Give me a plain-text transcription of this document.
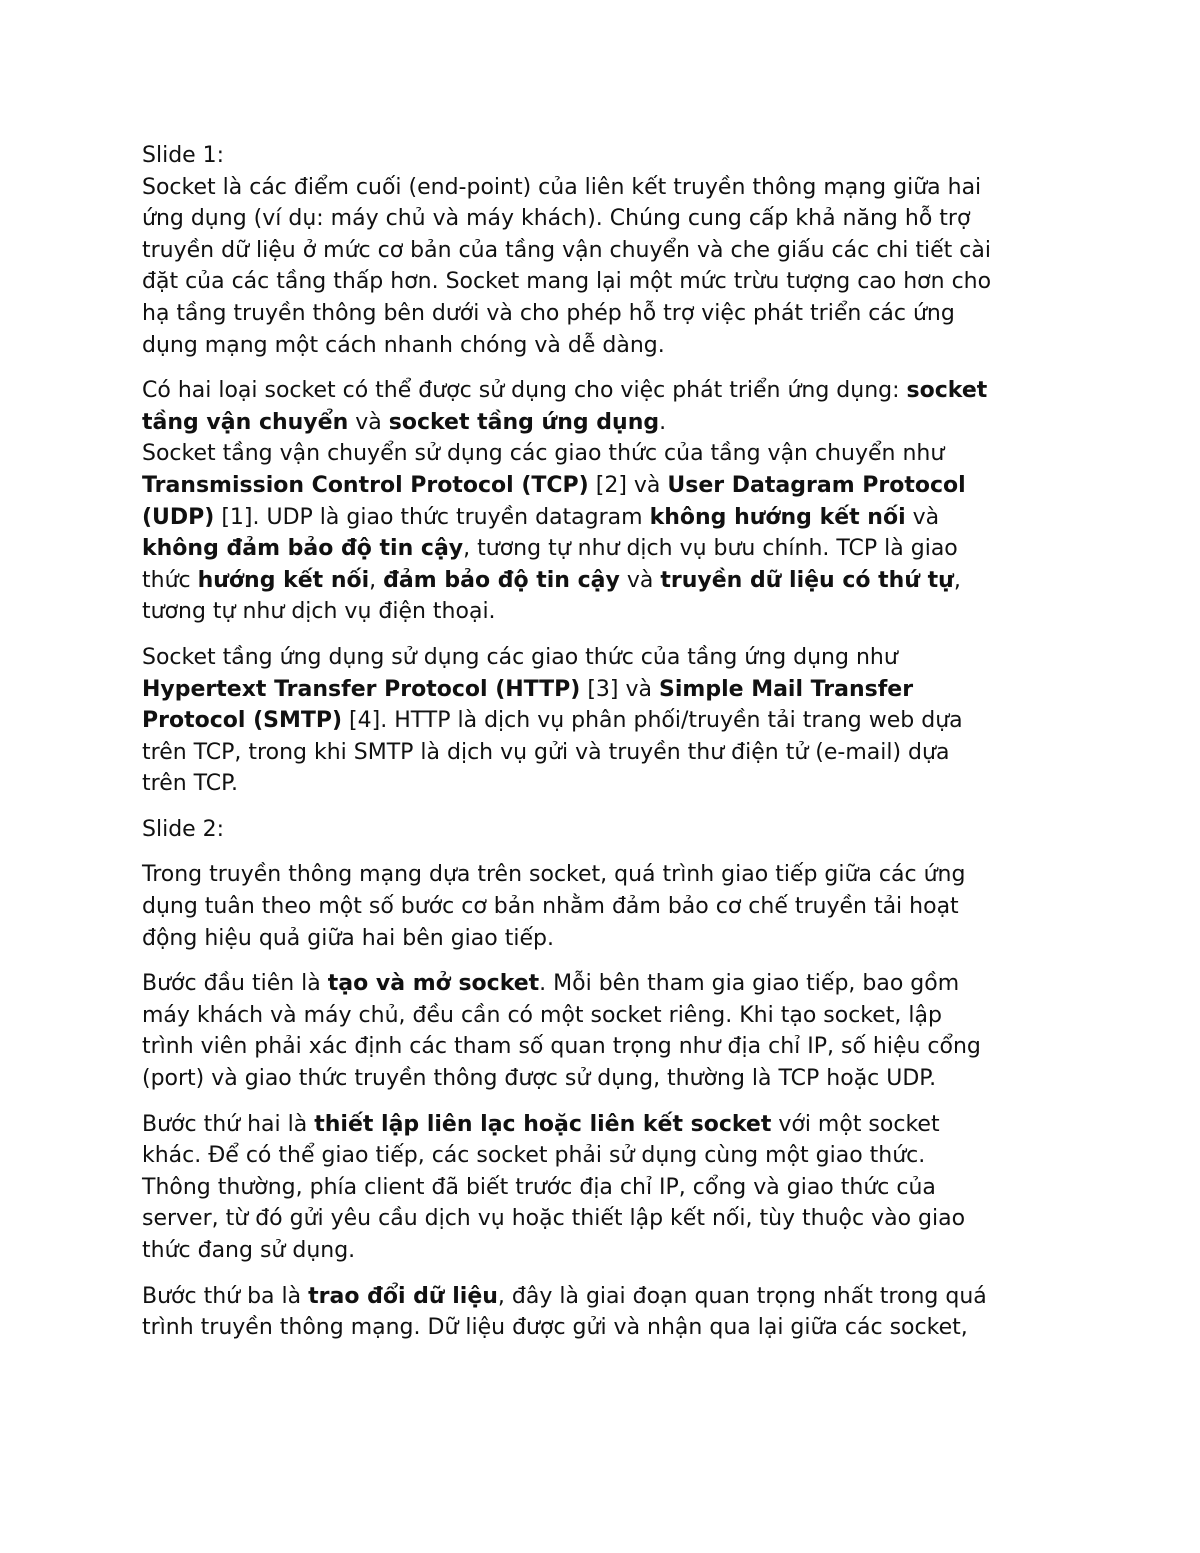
Slide 1:
Socket là các điểm cuối (end-point) của liên kết truyền thông mạng giữa hai
ứng dụng (ví dụ: máy chủ và máy khách). Chúng cung cấp khả năng hỗ trợ
truyền dữ liệu ở mức cơ bản của tầng vận chuyển và che giấu các chi tiết cài
đặt của các tầng thấp hơn. Socket mang lại một mức trừu tượng cao hơn cho
hạ tầng truyền thông bên dưới và cho phép hỗ trợ việc phát triển các ứng
dụng mạng một cách nhanh chóng và dễ dàng.

Có hai loại socket có thể được sử dụng cho việc phát triển ứng dụng: socket
tầng vận chuyển và socket tầng ứng dụng.
Socket tầng vận chuyển sử dụng các giao thức của tầng vận chuyển như
Transmission Control Protocol (TCP) [2] và User Datagram Protocol
(UDP) [1]. UDP là giao thức truyền datagram không hướng kết nối và
không đảm bảo độ tin cậy, tương tự như dịch vụ bưu chính. TCP là giao
thức hướng kết nối, đảm bảo độ tin cậy và truyền dữ liệu có thứ tự,
tương tự như dịch vụ điện thoại.

Socket tầng ứng dụng sử dụng các giao thức của tầng ứng dụng như
Hypertext Transfer Protocol (HTTP) [3] và Simple Mail Transfer
Protocol (SMTP) [4]. HTTP là dịch vụ phân phối/truyền tải trang web dựa
trên TCP, trong khi SMTP là dịch vụ gửi và truyền thư điện tử (e-mail) dựa
trên TCP.

Slide 2:

Trong truyền thông mạng dựa trên socket, quá trình giao tiếp giữa các ứng
dụng tuân theo một số bước cơ bản nhằm đảm bảo cơ chế truyền tải hoạt
động hiệu quả giữa hai bên giao tiếp.

Bước đầu tiên là tạo và mở socket. Mỗi bên tham gia giao tiếp, bao gồm
máy khách và máy chủ, đều cần có một socket riêng. Khi tạo socket, lập
trình viên phải xác định các tham số quan trọng như địa chỉ IP, số hiệu cổng
(port) và giao thức truyền thông được sử dụng, thường là TCP hoặc UDP.

Bước thứ hai là thiết lập liên lạc hoặc liên kết socket với một socket
khác. Để có thể giao tiếp, các socket phải sử dụng cùng một giao thức.
Thông thường, phía client đã biết trước địa chỉ IP, cổng và giao thức của
server, từ đó gửi yêu cầu dịch vụ hoặc thiết lập kết nối, tùy thuộc vào giao
thức đang sử dụng.

Bước thứ ba là trao đổi dữ liệu, đây là giai đoạn quan trọng nhất trong quá
trình truyền thông mạng. Dữ liệu được gửi và nhận qua lại giữa các socket,
